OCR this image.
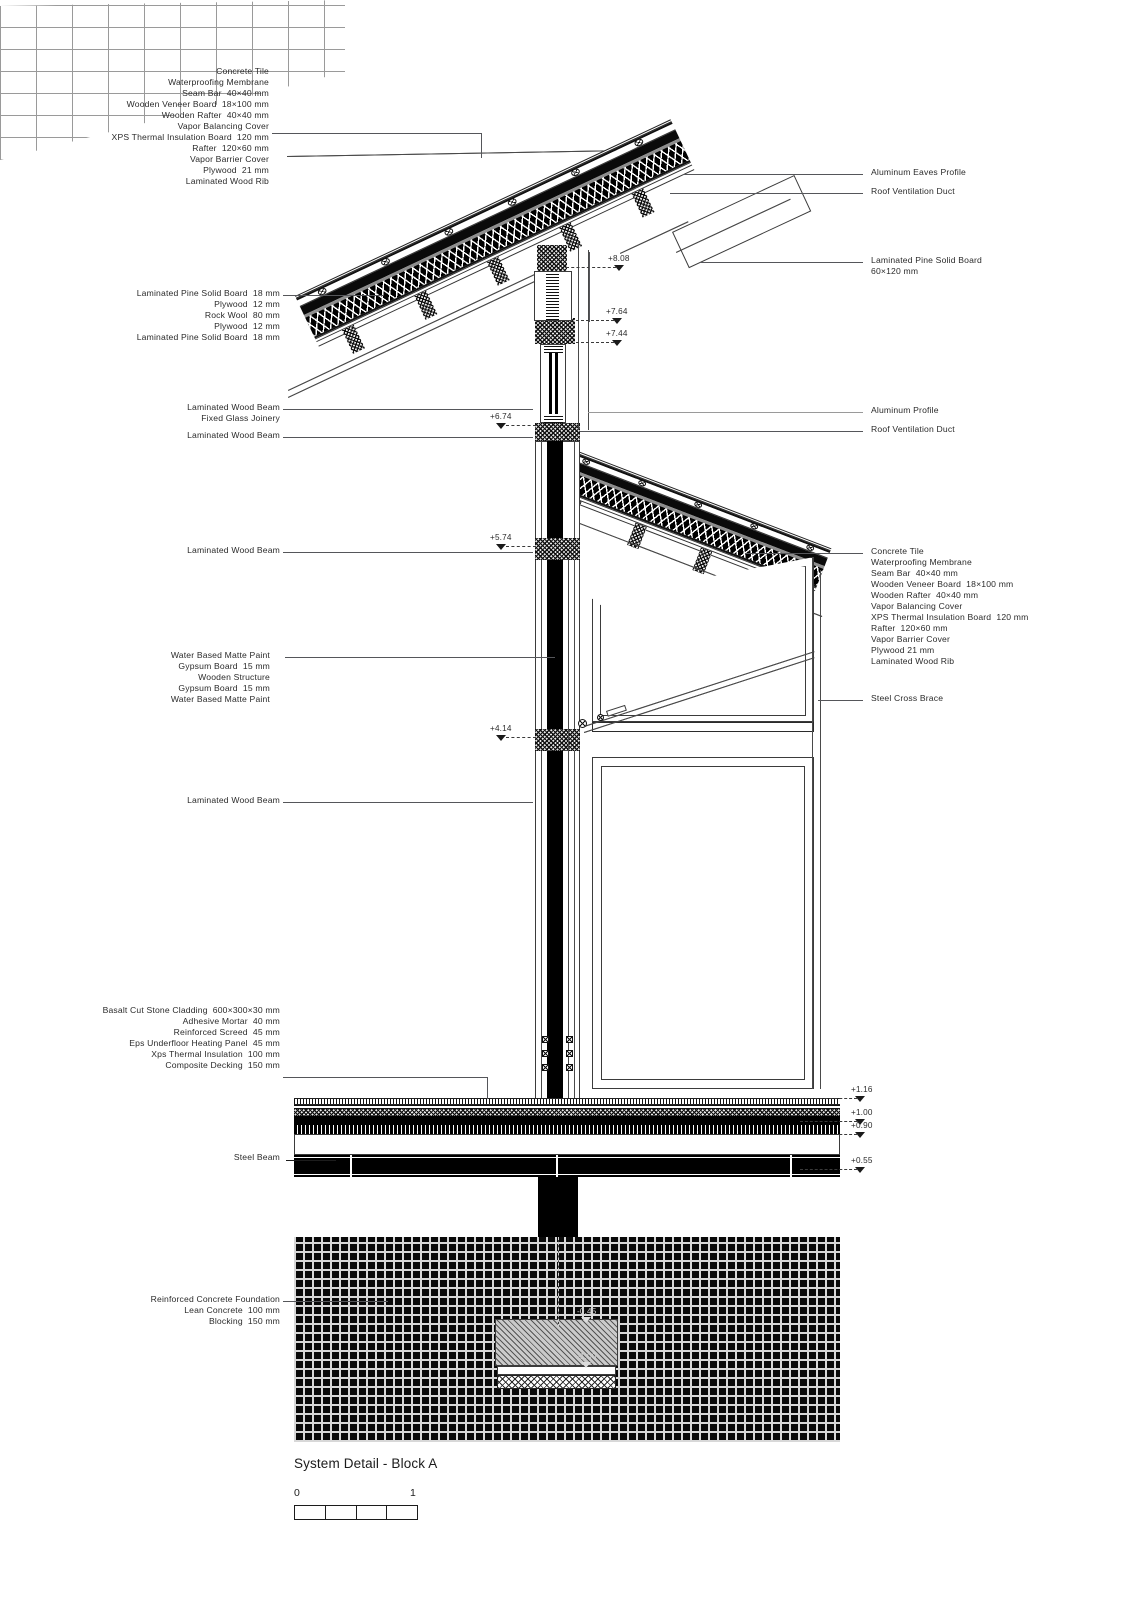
Concrete Tile
Waterproofing Membrane
Seam Bar  40×40 mm
Wooden Veneer Board  18×100 mm
Wooden Rafter  40×40 mm
Vapor Balancing Cover
XPS Thermal Insulation Board  120 mm
Rafter  120×60 mm
Vapor Barrier Cover
Plywood  21 mm
Laminated Wood Rib
Laminated Pine Solid Board  18 mm
Plywood  12 mm
Rock Wool  80 mm
Plywood  12 mm
Laminated Pine Solid Board  18 mm
Laminated Wood Beam
Fixed Glass Joinery
Laminated Wood Beam
Laminated Wood Beam
Water Based Matte Paint
Gypsum Board  15 mm
Wooden Structure
Gypsum Board  15 mm
Water Based Matte Paint
Laminated Wood Beam
Basalt Cut Stone Cladding  600×300×30 mm
Adhesive Mortar  40 mm
Reinforced Screed  45 mm
Eps Underfloor Heating Panel  45 mm
Xps Thermal Insulation  100 mm
Composite Decking  150 mm
Steel Beam
Reinforced Concrete Foundation
Lean Concrete  100 mm
Blocking  150 mm
Aluminum Eaves Profile
Roof Ventilation Duct
Laminated Pine Solid Board
60×120 mm
Aluminum Profile
Roof Ventilation Duct
Concrete Tile
Waterproofing Membrane
Seam Bar  40×40 mm
Wooden Veneer Board  18×100 mm
Wooden Rafter  40×40 mm
Vapor Balancing Cover
XPS Thermal Insulation Board  120 mm
Rafter  120×60 mm
Vapor Barrier Cover
Plywood 21 mm
Laminated Wood Rib
Steel Cross Brace
+8.08
+7.64
+7.44
+6.74
+5.74
+4.14
+1.16
+1.00
+0.90
+0.55
-0.45
-1.00
System Detail - Block A
0	1
